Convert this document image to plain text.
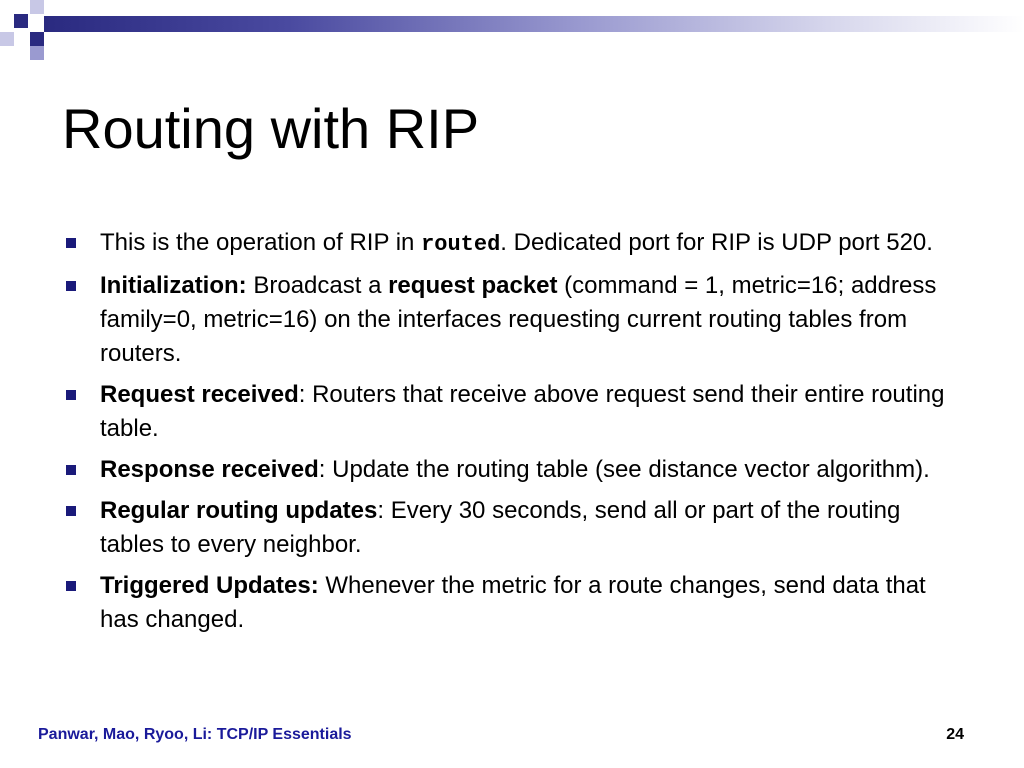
Routing with RIP
This is the operation of RIP in routed. Dedicated port for RIP is UDP port 520.
Initialization: Broadcast a request packet (command = 1, metric=16; address family=0, metric=16) on the interfaces requesting current routing tables from routers.
Request received: Routers that receive above request send their entire routing table.
Response received: Update the routing table (see distance vector algorithm).
Regular routing updates: Every 30 seconds, send all or part of the routing tables to every neighbor.
Triggered Updates: Whenever the metric for a route changes, send data that has changed.
Panwar, Mao, Ryoo, Li: TCP/IP Essentials	24
